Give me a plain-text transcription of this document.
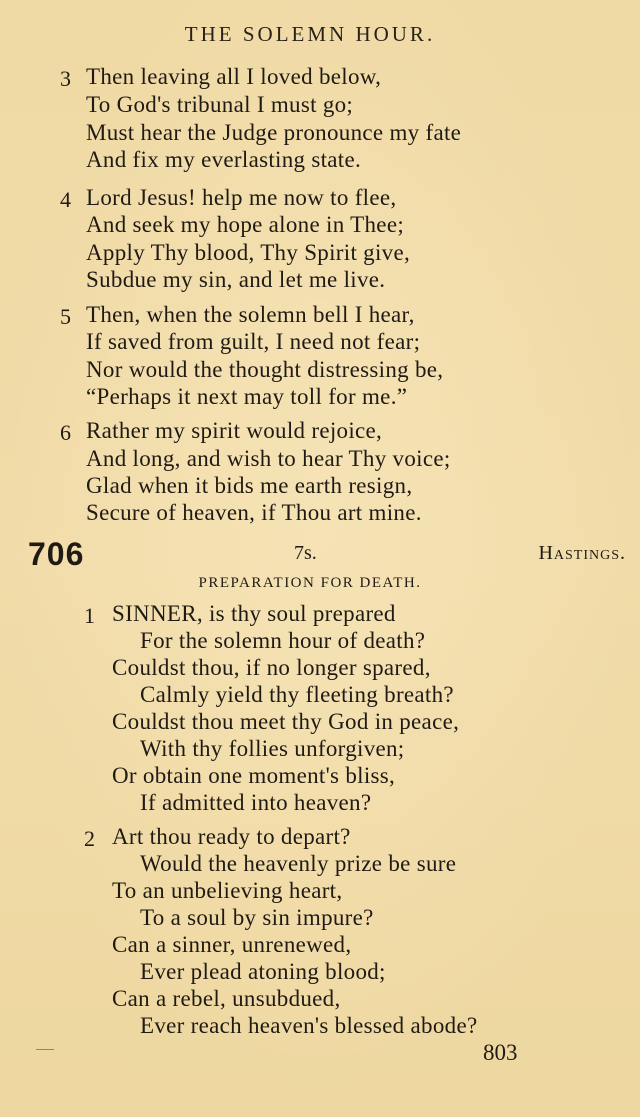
THE SOLEMN HOUR.
3 Then leaving all I loved below,
To God's tribunal I must go;
Must hear the Judge pronounce my fate
And fix my everlasting state.
4 Lord Jesus! help me now to flee,
And seek my hope alone in Thee;
Apply Thy blood, Thy Spirit give,
Subdue my sin, and let me live.
5 Then, when the solemn bell I hear,
If saved from guilt, I need not fear;
Nor would the thought distressing be,
“Perhaps it next may toll for me.”
6 Rather my spirit would rejoice,
And long, and wish to hear Thy voice;
Glad when it bids me earth resign,
Secure of heaven, if Thou art mine.
706	7s.	Hastings.
PREPARATION FOR DEATH.
1 SINNER, is thy soul prepared
For the solemn hour of death?
Couldst thou, if no longer spared,
Calmly yield thy fleeting breath?
Couldst thou meet thy God in peace,
With thy follies unforgiven;
Or obtain one moment's bliss,
If admitted into heaven?
2 Art thou ready to depart?
Would the heavenly prize be sure
To an unbelieving heart,
To a soul by sin impure?
Can a sinner, unrenewed,
Ever plead atoning blood;
Can a rebel, unsubdued,
Ever reach heaven's blessed abode?
803
